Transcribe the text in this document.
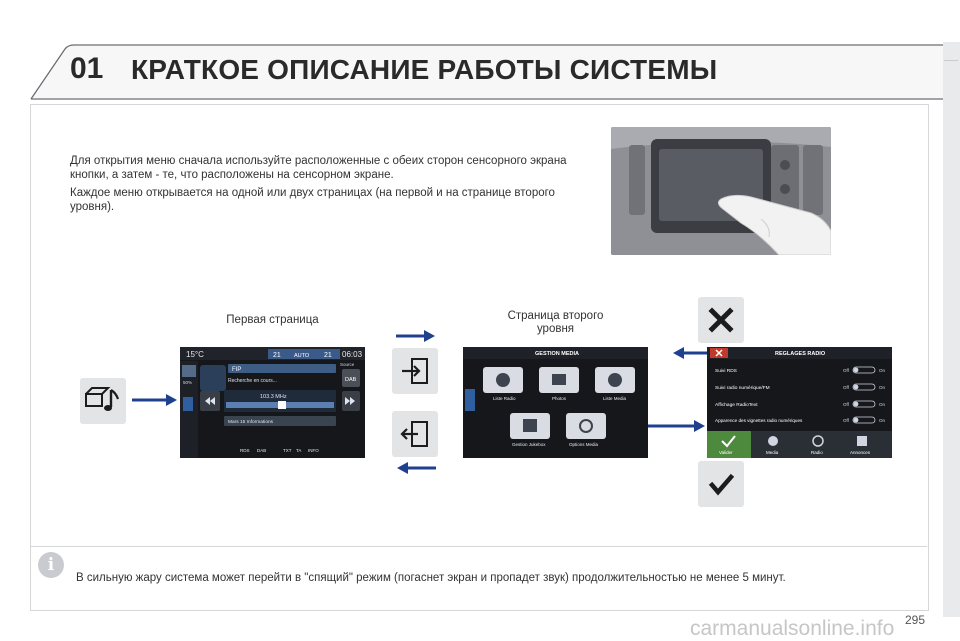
01 КРАТКОЕ ОПИСАНИЕ РАБОТЫ СИСТЕМЫ

Для открытия меню сначала используйте расположенные с обеих сторон сенсорного экрана кнопки, а затем - те, что расположены на сенсорном экране.

Каждое меню открывается на одной или двух страницах (на первой и на странице второго уровня).

Первая страница	Страница второго
уровня
15°C	21 AUTO 21 06:03
Source
50%
FIP
Recherche en cours...	DAB
103.3 MHz
Mars 15 Informations
RDS DAB	TXT TA INFO
GESTION MEDIA
Liste Radio	Photos	Liste Media
Gestion Jukebox	Options Media
REGLAGES RADIO
Suivi RDS	Off	On
Suivi radio numérique/FM	Off	On
Affichage RadioText	Off	On
Apparence des vignettes radio numériques	Off	On
Valider	Media	Radio	Annonces
i
В сильную жару система может перейти в "спящий" режим (погаснет экран и пропадет звук) продолжительностью не менее 5 минут.
295
carmanualsonline.info
